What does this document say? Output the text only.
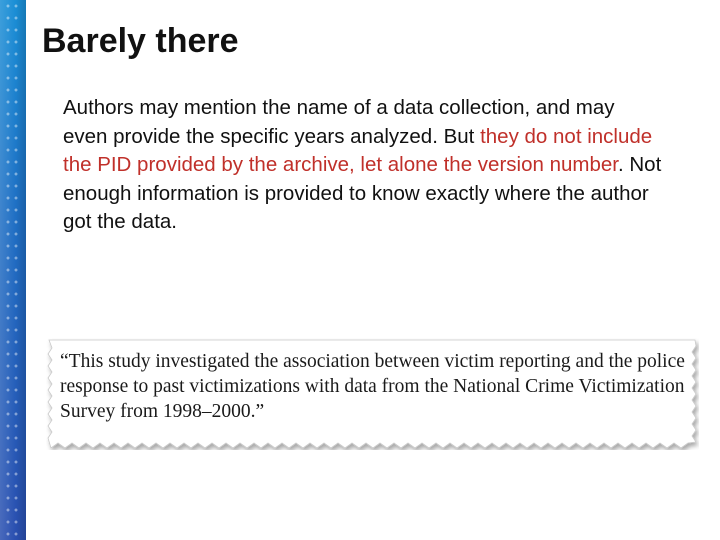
Barely there
Authors may mention the name of a data collection, and may even provide the specific years analyzed. But they do not include the PID provided by the archive, let alone the version number. Not enough information is provided to know exactly where the author got the data.
“This study investigated the association between victim reporting and the police response to past victimizations with data from the National Crime Victimization Survey from 1998–2000.”
